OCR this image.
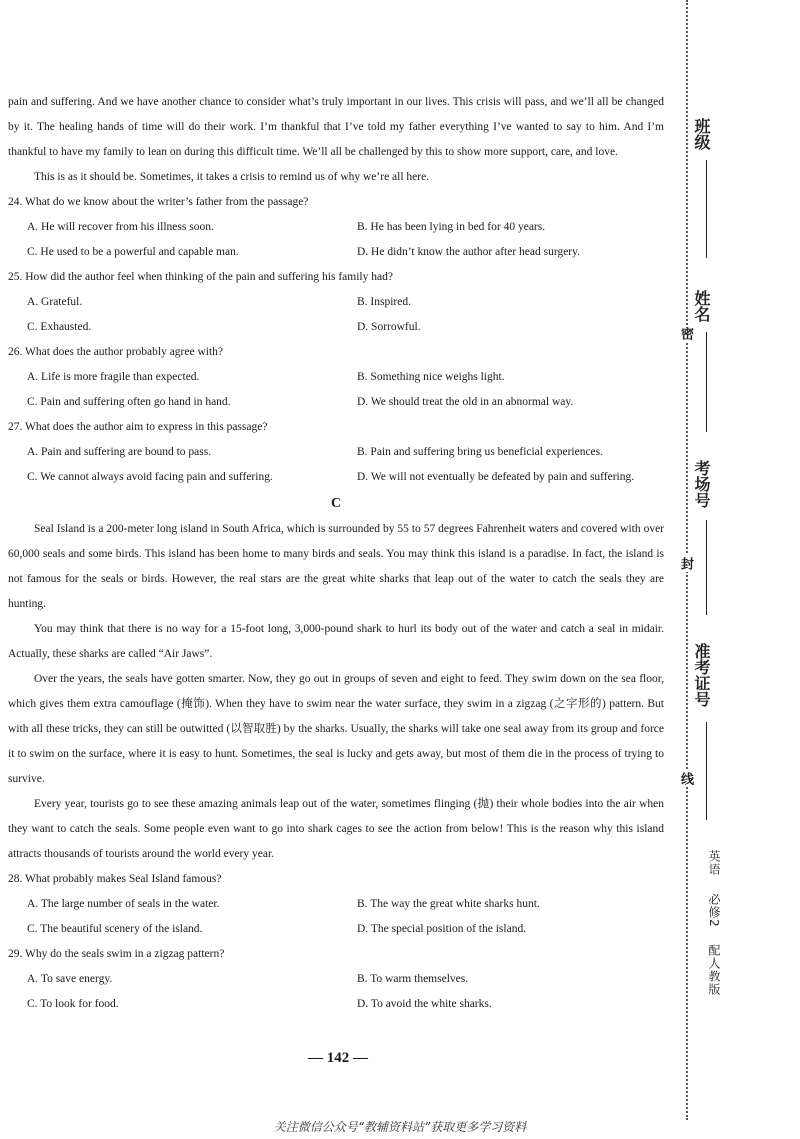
pain and suffering. And we have another chance to consider what’s truly important in our lives. This crisis will pass, and we’ll all be changed by it. The healing hands of time will do their work. I’m thankful that I’ve told my father everything I’ve wanted to say to him. And I’m thankful to have my family to lean on during this difficult time. We’ll all be challenged by this to show more support, care, and love.

This is as it should be. Sometimes, it takes a crisis to remind us of why we’re all here.

24. What do we know about the writer’s father from the passage?
A. He will recover from his illness soon.	B. He has been lying in bed for 40 years.
C. He used to be a powerful and capable man.	D. He didn’t know the author after head surgery.
25. How did the author feel when thinking of the pain and suffering his family had?
A. Grateful.	B. Inspired.
C. Exhausted.	D. Sorrowful.
26. What does the author probably agree with?
A. Life is more fragile than expected.	B. Something nice weighs light.
C. Pain and suffering often go hand in hand.	D. We should treat the old in an abnormal way.
27. What does the author aim to express in this passage?
A. Pain and suffering are bound to pass.	B. Pain and suffering bring us beneficial experiences.
C. We cannot always avoid facing pain and suffering.	D. We will not eventually be defeated by pain and suffering.
C

Seal Island is a 200-meter long island in South Africa, which is surrounded by 55 to 57 degrees Fahrenheit waters and covered with over 60,000 seals and some birds. This island has been home to many birds and seals. You may think this island is a paradise. In fact, the island is not famous for the seals or birds. However, the real stars are the great white sharks that leap out of the water to catch the seals they are hunting.

You may think that there is no way for a 15-foot long, 3,000-pound shark to hurl its body out of the water and catch a seal in midair. Actually, these sharks are called “Air Jaws”.

Over the years, the seals have gotten smarter. Now, they go out in groups of seven and eight to feed. They swim down on the sea floor, which gives them extra camouflage (掩饰). When they have to swim near the water surface, they swim in a zigzag (之字形的) pattern. But with all these tricks, they can still be outwitted (以智取胜) by the sharks. Usually, the sharks will take one seal away from its group and force it to swim on the surface, where it is easy to hunt. Sometimes, the seal is lucky and gets away, but most of them die in the process of trying to survive.

Every year, tourists go to see these amazing animals leap out of the water, sometimes flinging (抛) their whole bodies into the air when they want to catch the seals. Some people even want to go into shark cages to see the action from below! This is the reason why this island attracts thousands of tourists around the world every year.

28. What probably makes Seal Island famous?
A. The large number of seals in the water.	B. The way the great white sharks hunt.
C. The beautiful scenery of the island.	D. The special position of the island.
29. Why do the seals swim in a zigzag pattern?
A. To save energy.	B. To warm themselves.
C. To look for food.	D. To avoid the white sharks.
— 142 —
关注微信公众号“教辅资料站”获取更多学习资料
班级
姓名
考场号
准考证号
密
封
线
英语 必修2 配人教版
